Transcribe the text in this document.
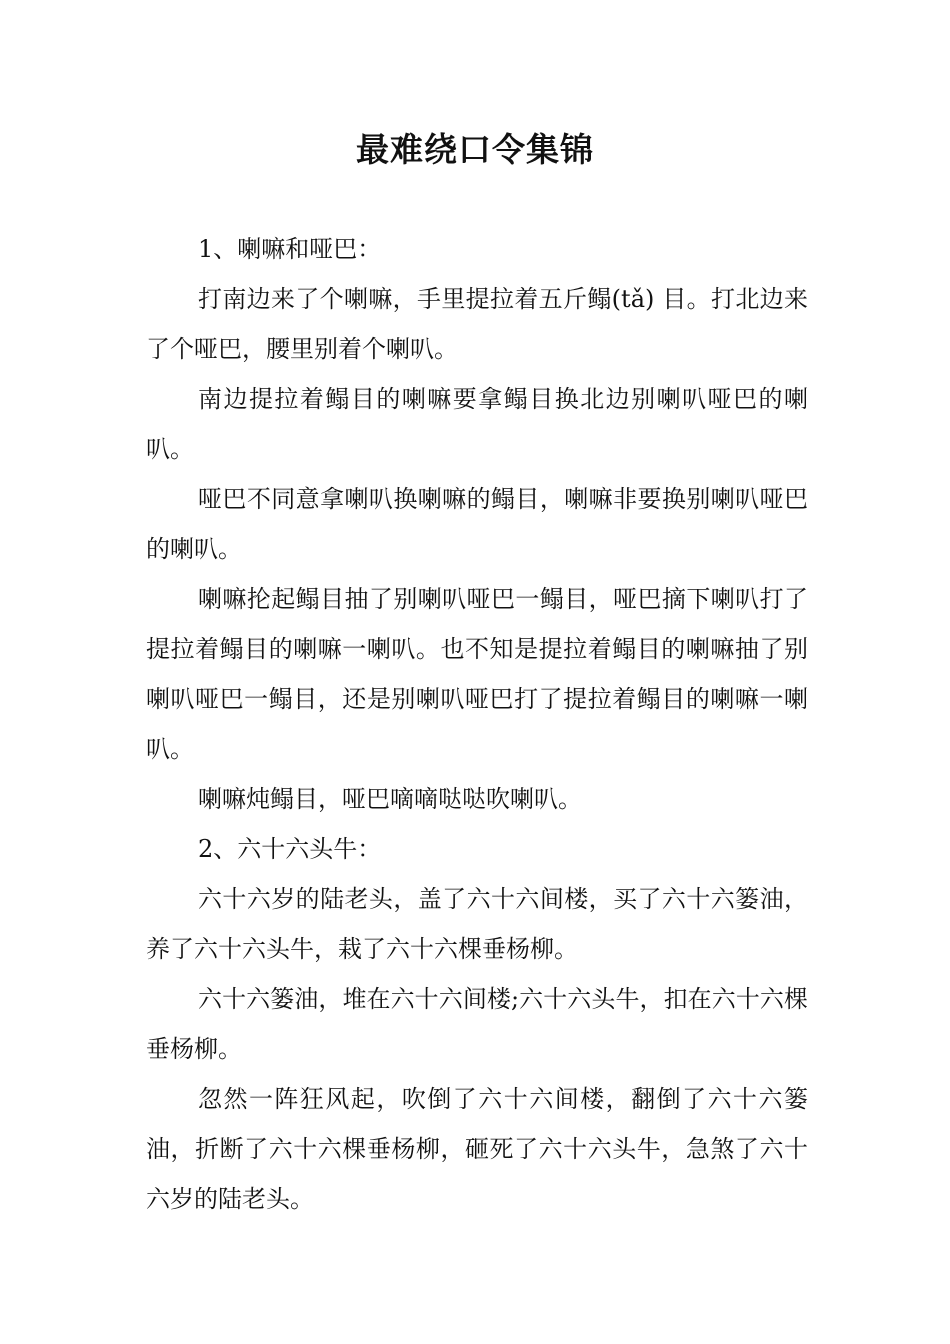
最难绕口令集锦

1、喇嘛和哑巴：

打南边来了个喇嘛，手里提拉着五斤鳎(tǎ) 目。打北边来了个哑巴，腰里别着个喇叭。

南边提拉着鳎目的喇嘛要拿鳎目换北边别喇叭哑巴的喇叭。

哑巴不同意拿喇叭换喇嘛的鳎目，喇嘛非要换别喇叭哑巴的喇叭。

喇嘛抡起鳎目抽了别喇叭哑巴一鳎目，哑巴摘下喇叭打了提拉着鳎目的喇嘛一喇叭。也不知是提拉着鳎目的喇嘛抽了别喇叭哑巴一鳎目，还是别喇叭哑巴打了提拉着鳎目的喇嘛一喇叭。

喇嘛炖鳎目，哑巴嘀嘀哒哒吹喇叭。

2、六十六头牛：

六十六岁的陆老头，盖了六十六间楼，买了六十六篓油，养了六十六头牛，栽了六十六棵垂杨柳。

六十六篓油，堆在六十六间楼;六十六头牛，扣在六十六棵垂杨柳。

忽然一阵狂风起，吹倒了六十六间楼，翻倒了六十六篓油，折断了六十六棵垂杨柳，砸死了六十六头牛，急煞了六十六岁的陆老头。
